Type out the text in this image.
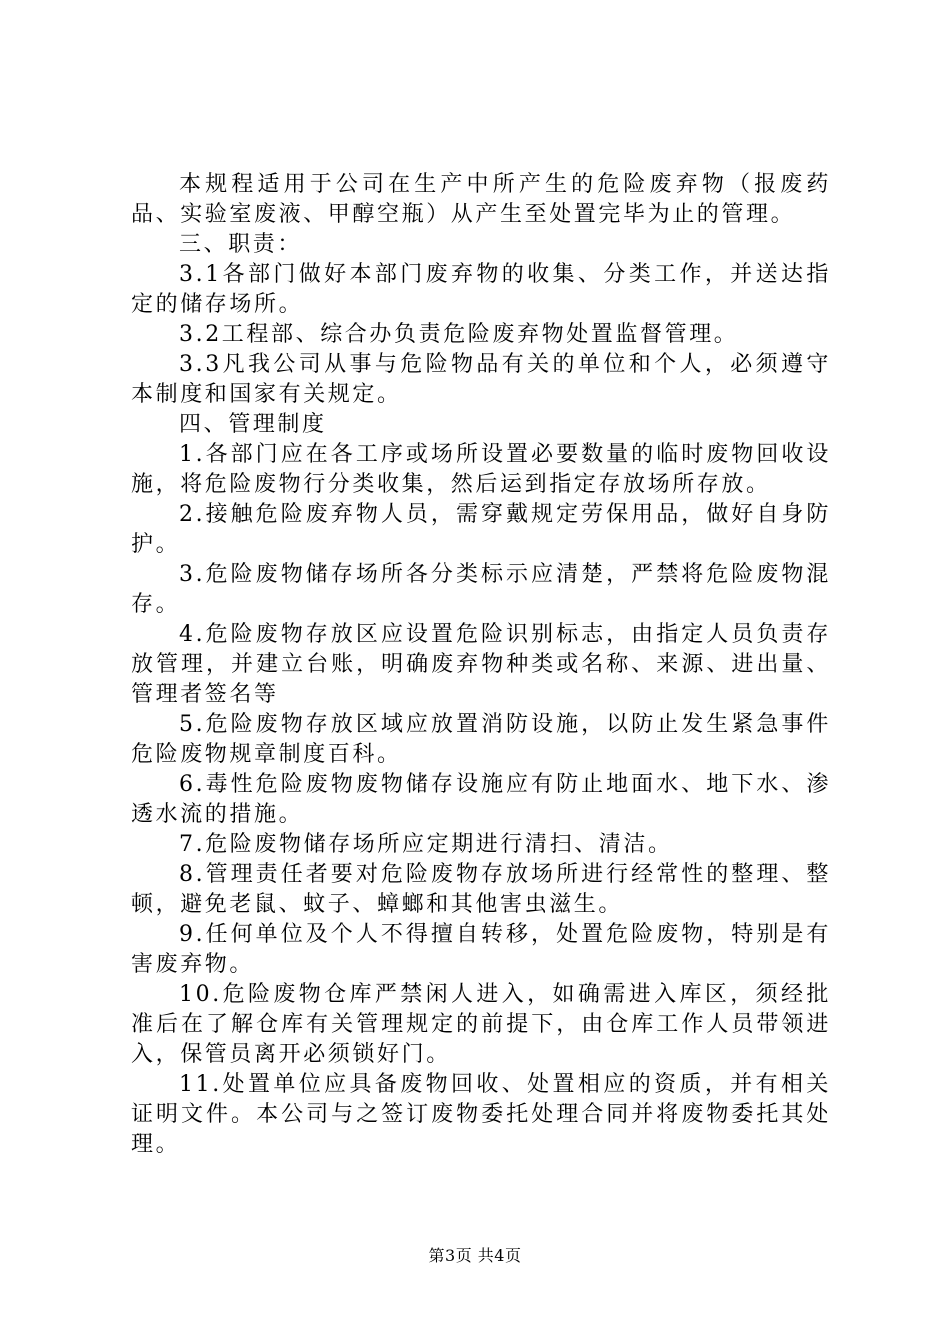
本规程适用于公司在生产中所产生的危险废弃物（报废药品、实验室废液、甲醇空瓶）从产生至处置完毕为止的管理。

三、职责：

3.1各部门做好本部门废弃物的收集、分类工作，并送达指定的储存场所。

3.2工程部、综合办负责危险废弃物处置监督管理。

3.3凡我公司从事与危险物品有关的单位和个人，必须遵守本制度和国家有关规定。

四、管理制度

1.各部门应在各工序或场所设置必要数量的临时废物回收设施，将危险废物行分类收集，然后运到指定存放场所存放。

2.接触危险废弃物人员，需穿戴规定劳保用品，做好自身防护。

3.危险废物储存场所各分类标示应清楚，严禁将危险废物混存。

4.危险废物存放区应设置危险识别标志，由指定人员负责存放管理，并建立台账，明确废弃物种类或名称、来源、进出量、管理者签名等

5.危险废物存放区域应放置消防设施，以防止发生紧急事件危险废物规章制度百科。

6.毒性危险废物废物储存设施应有防止地面水、地下水、渗透水流的措施。

7.危险废物储存场所应定期进行清扫、清洁。

8.管理责任者要对危险废物存放场所进行经常性的整理、整顿，避免老鼠、蚊子、蟑螂和其他害虫滋生。

9.任何单位及个人不得擅自转移，处置危险废物，特别是有害废弃物。

10.危险废物仓库严禁闲人进入，如确需进入库区，须经批准后在了解仓库有关管理规定的前提下，由仓库工作人员带领进入，保管员离开必须锁好门。

11.处置单位应具备废物回收、处置相应的资质，并有相关证明文件。本公司与之签订废物委托处理合同并将废物委托其处理。

第3页 共4页
